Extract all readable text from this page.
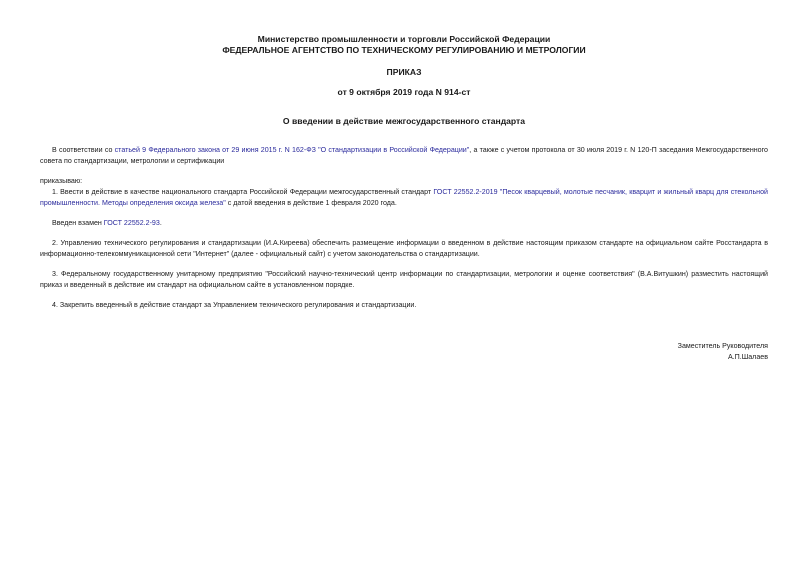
Министерство промышленности и торговли Российской Федерации
ФЕДЕРАЛЬНОЕ АГЕНТСТВО ПО ТЕХНИЧЕСКОМУ РЕГУЛИРОВАНИЮ И МЕТРОЛОГИИ
ПРИКАЗ
от 9 октября 2019 года N 914-ст
О введении в действие межгосударственного стандарта
В соответствии со статьей 9 Федерального закона от 29 июня 2015 г. N 162-ФЗ "О стандартизации в Российской Федерации", а также с учетом протокола от 30 июля 2019 г. N 120-П заседания Межгосударственного совета по стандартизации, метрологии и сертификации
приказываю:
1. Ввести в действие в качестве национального стандарта Российской Федерации межгосударственный стандарт ГОСТ 22552.2-2019 "Песок кварцевый, молотые песчаник, кварцит и жильный кварц для стекольной промышленности. Методы определения оксида железа" с датой введения в действие 1 февраля 2020 года.
Введен взамен ГОСТ 22552.2-93.
2. Управлению технического регулирования и стандартизации (И.А.Киреева) обеспечить размещение информации о введенном в действие настоящим приказом стандарте на официальном сайте Росстандарта в информационно-телекоммуникационной сети "Интернет" (далее - официальный сайт) с учетом законодательства о стандартизации.
3. Федеральному государственному унитарному предприятию "Российский научно-технический центр информации по стандартизации, метрологии и оценке соответствия" (В.А.Витушкин) разместить настоящий приказ и введенный в действие им стандарт на официальном сайте в установленном порядке.
4. Закрепить введенный в действие стандарт за Управлением технического регулирования и стандартизации.
Заместитель Руководителя
А.П.Шалаев
